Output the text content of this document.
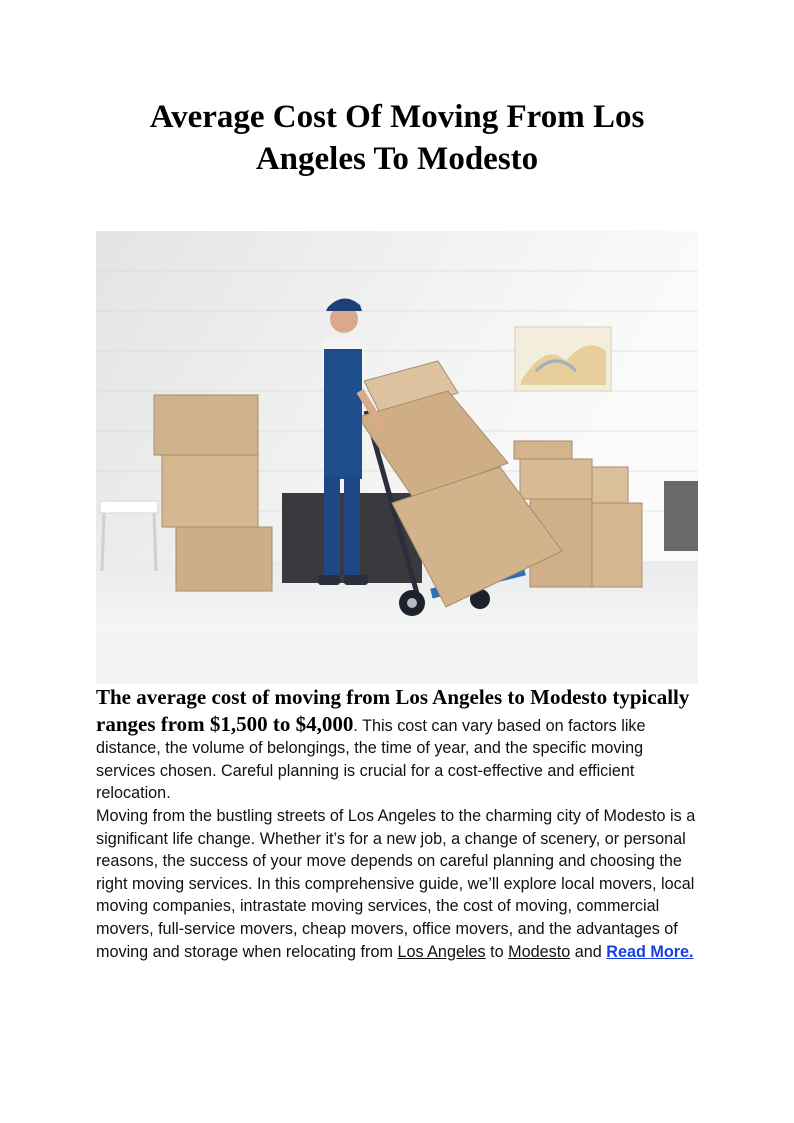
Average Cost Of Moving From Los Angeles To Modesto

The average cost of moving from Los Angeles to Modesto typically ranges from $1,500 to $4,000. This cost can vary based on factors like distance, the volume of belongings, the time of year, and the specific moving services chosen. Careful planning is crucial for a cost-effective and efficient relocation.

Moving from the bustling streets of Los Angeles to the charming city of Modesto is a significant life change. Whether it’s for a new job, a change of scenery, or personal reasons, the success of your move depends on careful planning and choosing the right moving services. In this comprehensive guide, we’ll explore local movers, local moving companies, intrastate moving services, the cost of moving, commercial movers, full-service movers, cheap movers, office movers, and the advantages of moving and storage when relocating from Los Angeles to Modesto and Read More.
